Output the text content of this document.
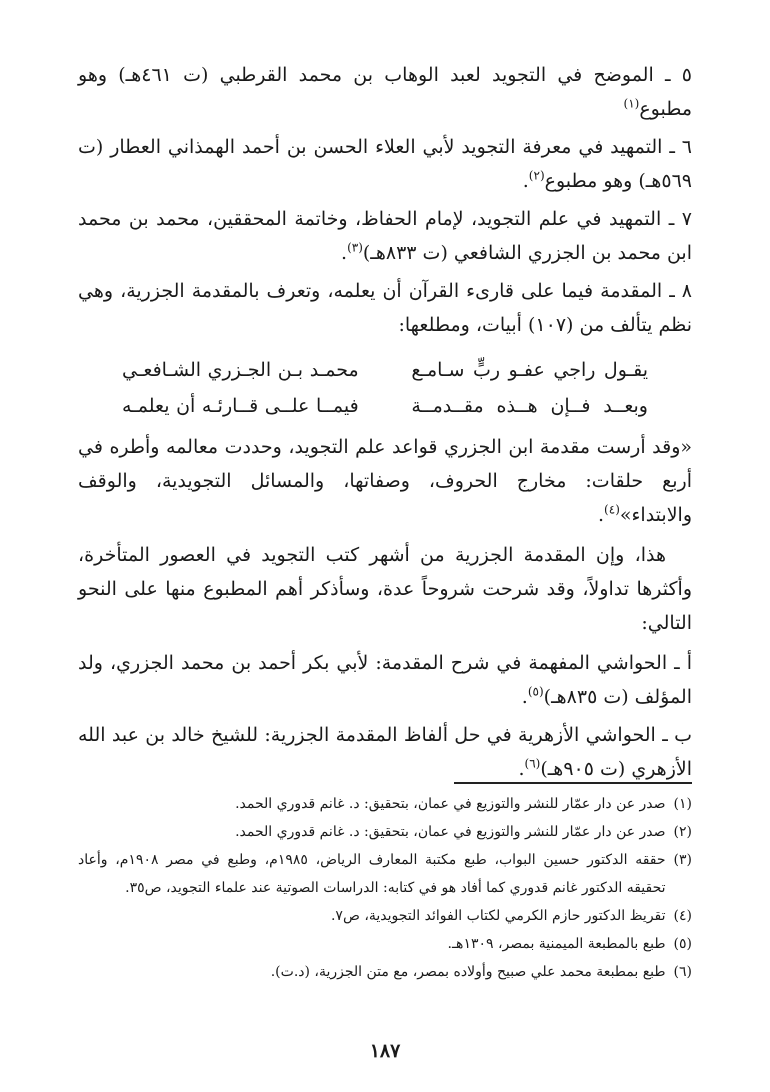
٥ ـ الموضح في التجويد لعبد الوهاب بن محمد القرطبي (ت ٤٦١هـ) وهو مطبوع$^{(١)}$
٦ ـ التمهيد في معرفة التجويد لأبي العلاء الحسن بن أحمد الهمذاني العطار (ت ٥٦٩هـ) وهو مطبوع$^{(٢)}$.
٧ ـ التمهيد في علم التجويد، لإمام الحفاظ، وخاتمة المحققين، محمد بن محمد ابن محمد بن الجزري الشافعي (ت ٨٣٣هـ)$^{(٣)}$.
٨ ـ المقدمة فيما على قارىء القرآن أن يعلمه، وتعرف بالمقدمة الجزرية، وهي نظم يتألف من (١٠٧) أبيات، ومطلعها:
يقـول راجي عفـو ربٍّ سـامـع
محمـد بـن الجـزري الشـافعـي
وبعــد فــإن هــذه مقــدمــة
فيمــا علــى قــارئـه أن يعلمـه
«وقد أرست مقدمة ابن الجزري قواعد علم التجويد، وحددت معالمه وأطره في أربع حلقات: مخارج الحروف، وصفاتها، والمسائل التجويدية، والوقف والابتداء»$^{(٤)}$.
هذا، وإن المقدمة الجزرية من أشهر كتب التجويد في العصور المتأخرة، وأكثرها تداولاً، وقد شرحت شروحاً عدة، وسأذكر أهم المطبوع منها على النحو التالي:
أ ـ الحواشي المفهمة في شرح المقدمة: لأبي بكر أحمد بن محمد الجزري، ولد المؤلف (ت ٨٣٥هـ)$^{(٥)}$.
ب ـ الحواشي الأزهرية في حل ألفاظ المقدمة الجزرية: للشيخ خالد بن عبد الله الأزهري (ت ٩٠٥هـ)$^{(٦)}$.
(١)
صدر عن دار عمّار للنشر والتوزيع في عمان، بتحقيق: د. غانم قدوري الحمد.
(٢)
صدر عن دار عمّار للنشر والتوزيع في عمان، بتحقيق: د. غانم قدوري الحمد.
(٣)
حققه الدكتور حسين البواب، طبع مكتبة المعارف الرياض، ١٩٨٥م، وطبع في مصر ١٩٠٨م، وأعاد تحقيقه الدكتور غانم قدوري كما أفاد هو في كتابه: الدراسات الصوتية عند علماء التجويد، ص٣٥.
(٤)
تقريظ الدكتور حازم الكرمي لكتاب الفوائد التجويدية، ص٧.
(٥)
طبع بالمطبعة الميمنية بمصر، ١٣٠٩هـ.
(٦)
طبع بمطبعة محمد علي صبيح وأولاده بمصر، مع متن الجزرية، (د.ت).
١٨٧
